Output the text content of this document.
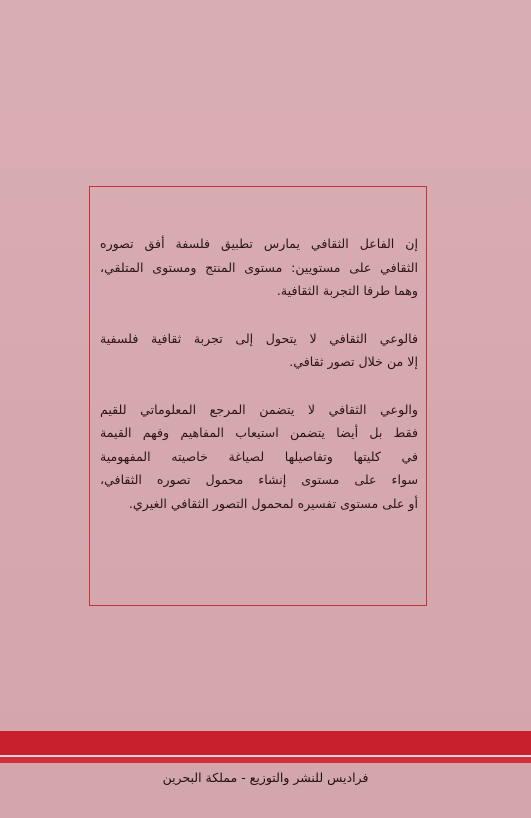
إن الفاعل الثقافي يمارس تطبيق فلسفة أفق تصوره
الثقافي على مستويين: مستوى المنتج ومستوى المتلقي،
وهما طرفا التجربة الثقافية.

فالوعي الثقافي لا يتحول إلى تجربة ثقافية فلسفية
إلا من خلال تصور ثقافي.

والوعي الثقافي لا يتضمن المرجع المعلوماتي للقيم
فقط بل أيضا يتضمن استيعاب المفاهيم وفهم القيمة
في كليتها وتفاصيلها لصياغة خاصيته المفهومية
سواء على مستوى إنشاء محمول تصوره الثقافي،
أو على مستوى تفسيره لمحمول التصور الثقافي الغيري.

فراديس للنشر والتوزيع - مملكة البحرين
